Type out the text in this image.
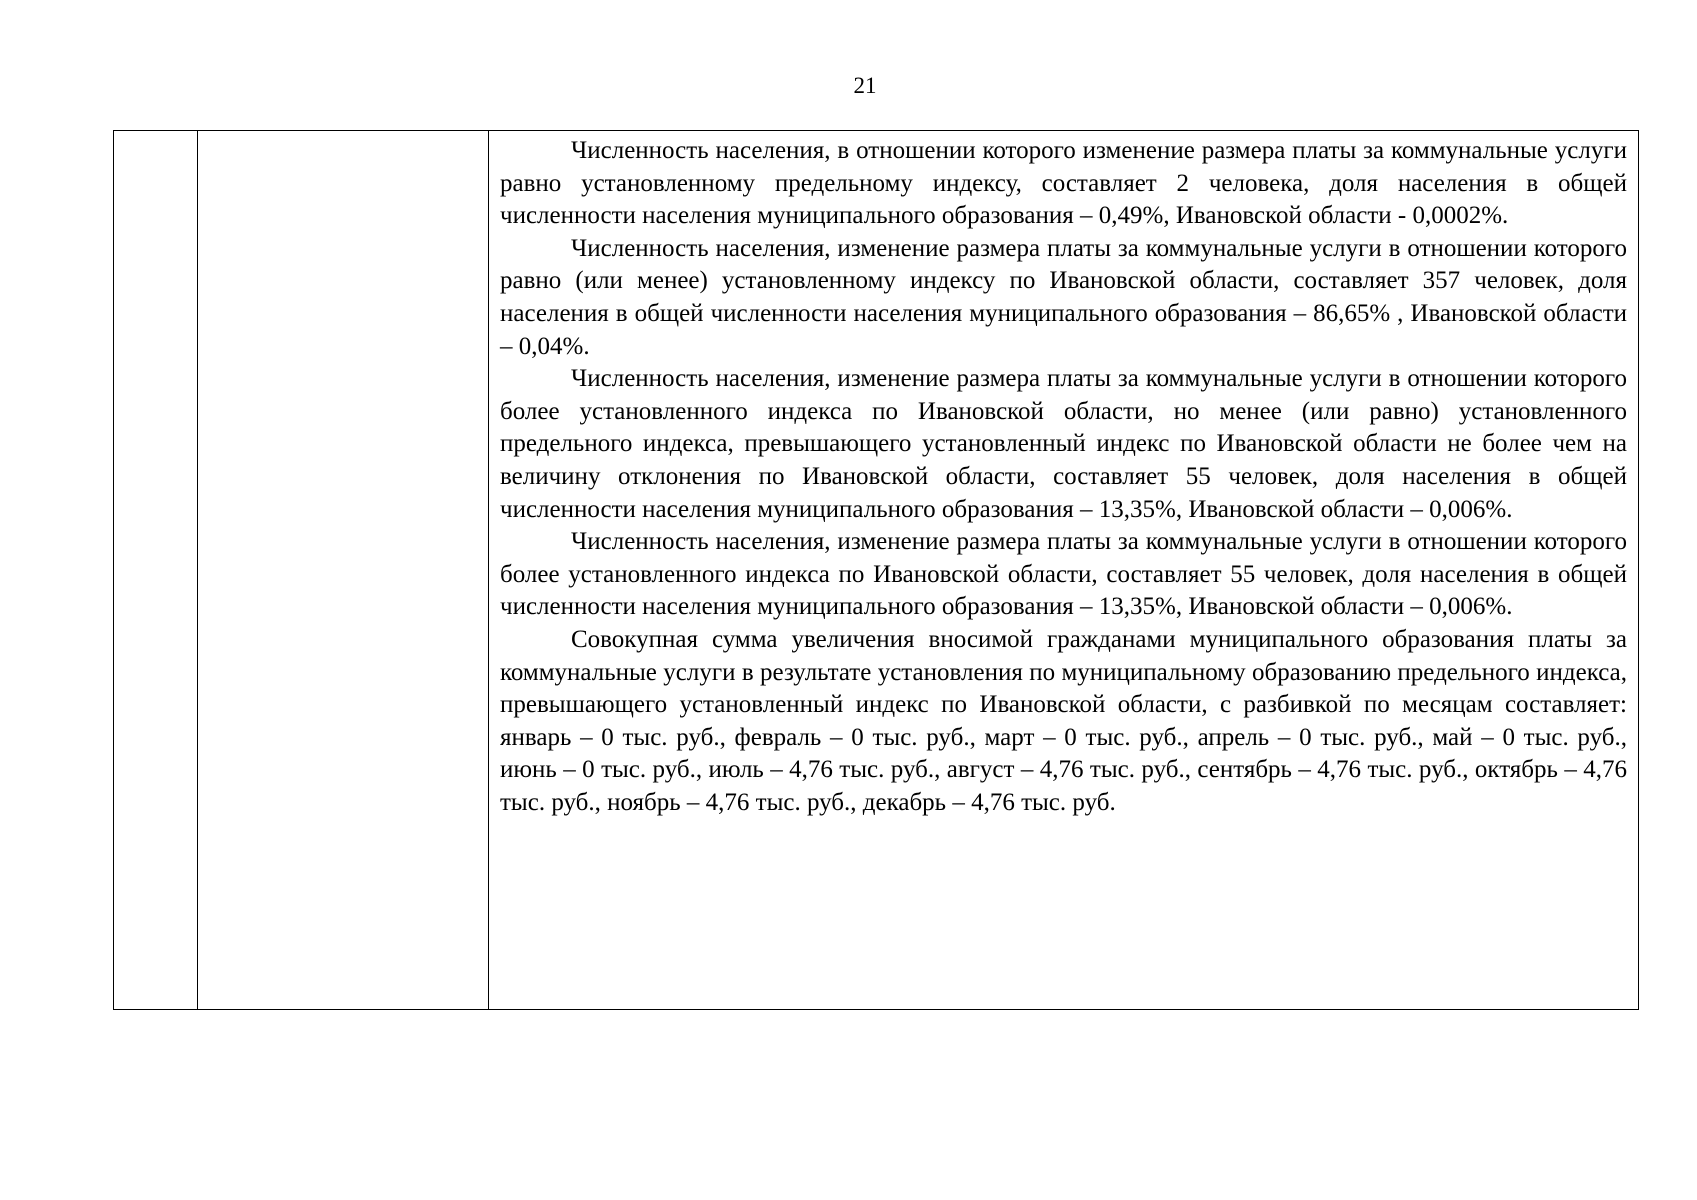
21

Численность населения, в отношении которого изменение размера платы за коммунальные услуги равно установленному предельному индексу, составляет 2 человека, доля населения в общей численности населения муниципального образования – 0,49%, Ивановской области - 0,0002%.

Численность населения, изменение размера платы за коммунальные услуги в отношении которого равно (или менее) установленному индексу по Ивановской области, составляет 357 человек, доля населения в общей численности населения муниципального образования – 86,65% , Ивановской области – 0,04%.

Численность населения, изменение размера платы за коммунальные услуги в отношении которого более установленного индекса по Ивановской области, но менее (или равно) установленного предельного индекса, превышающего установленный индекс по Ивановской области не более чем на величину отклонения по Ивановской области, составляет 55 человек, доля населения в общей численности населения муниципального образования – 13,35%, Ивановской области – 0,006%.

Численность населения, изменение размера платы за коммунальные услуги в отношении которого более установленного индекса по Ивановской области, составляет 55 человек, доля населения в общей численности населения муниципального образования – 13,35%, Ивановской области – 0,006%.

Совокупная сумма увеличения вносимой гражданами муниципального образования платы за коммунальные услуги в результате установления по муниципальному образованию предельного индекса, превышающего установленный индекс по Ивановской области, с разбивкой по месяцам составляет: январь – 0 тыс. руб., февраль – 0 тыс. руб., март – 0 тыс. руб., апрель – 0 тыс. руб., май – 0 тыс. руб., июнь – 0 тыс. руб., июль – 4,76 тыс. руб., август – 4,76 тыс. руб., сентябрь – 4,76 тыс. руб., октябрь – 4,76 тыс. руб., ноябрь – 4,76 тыс. руб., декабрь – 4,76 тыс. руб.
